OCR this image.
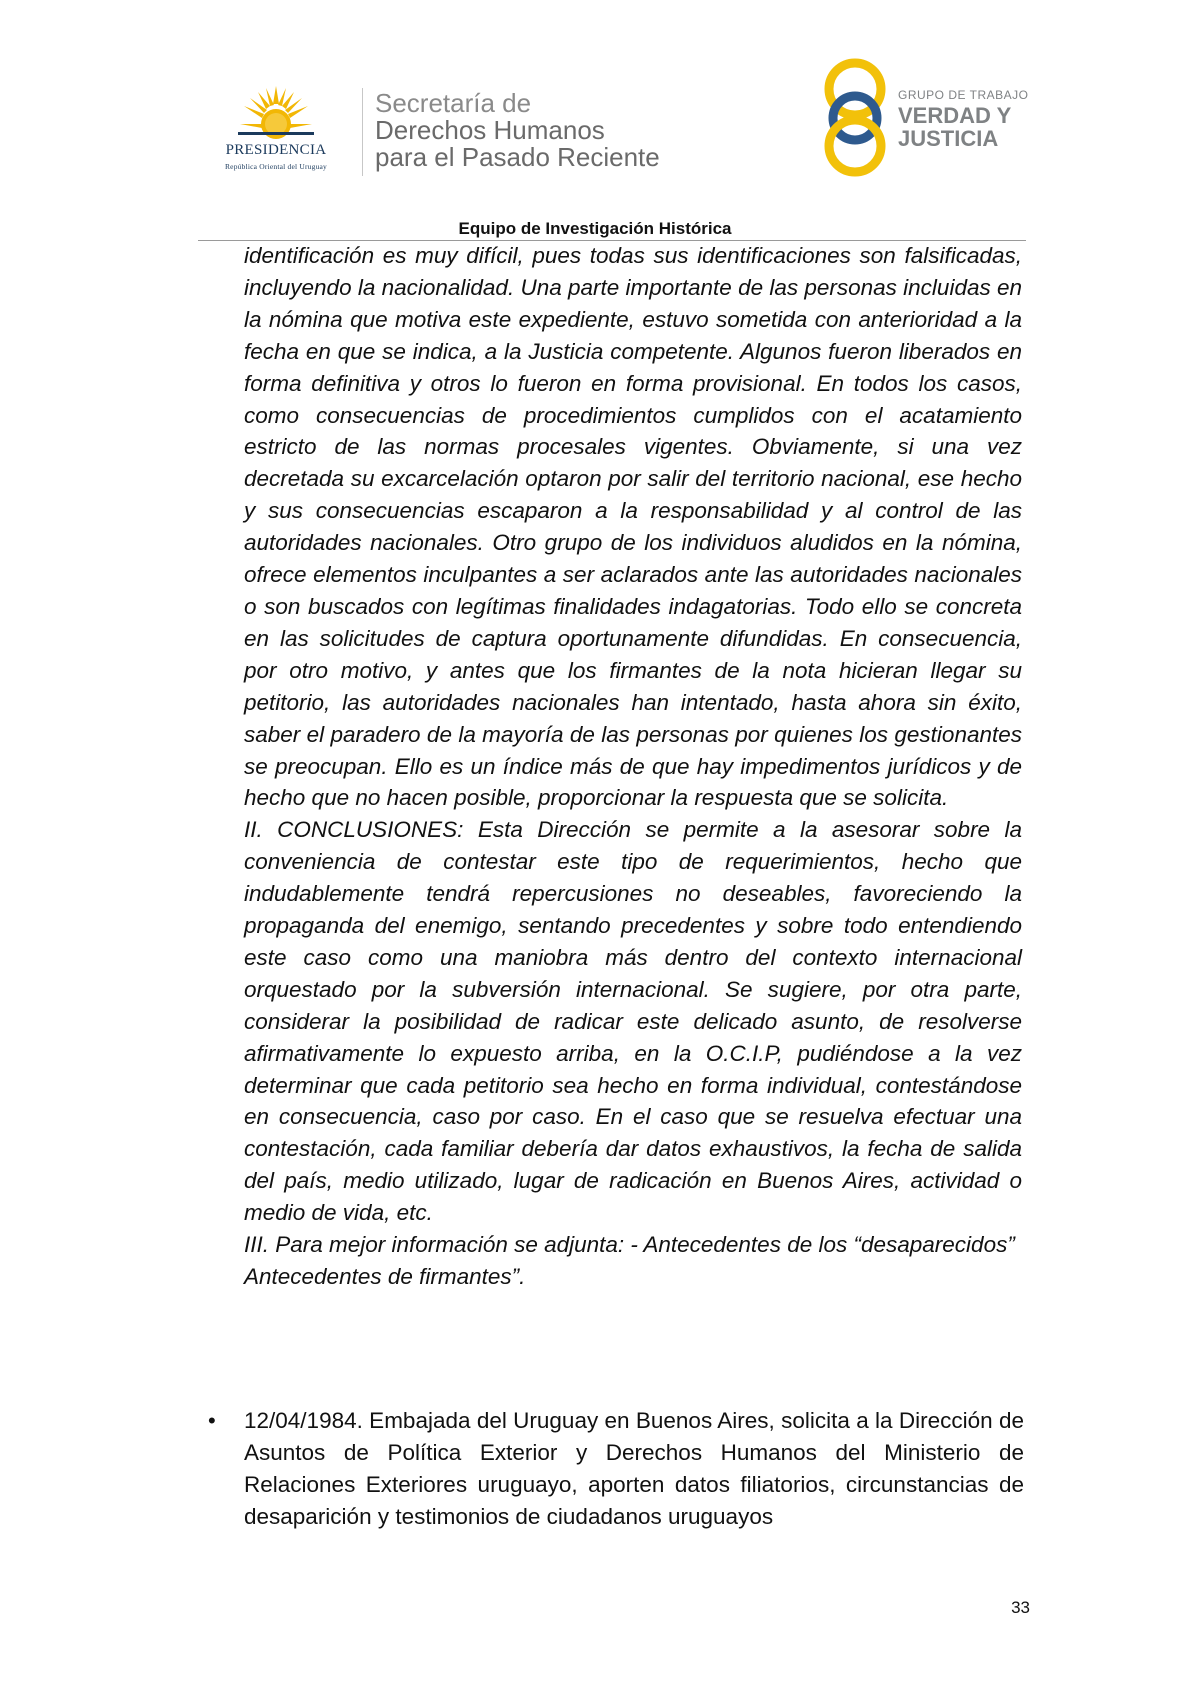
PRESIDENCIA
República Oriental del Uruguay
Secretaría de
Derechos Humanos
para el Pasado Reciente
GRUPO DE TRABAJO
VERDAD Y
JUSTICIA
Equipo de Investigación Histórica

identificación es muy difícil, pues todas sus identificaciones son falsificadas, incluyendo la nacionalidad. Una parte importante de las personas incluidas en la nómina que motiva este expediente, estuvo sometida con anterioridad a la fecha en que se indica, a la Justicia competente. Algunos fueron liberados en forma definitiva y otros lo fueron en forma provisional. En todos los casos, como consecuencias de procedimientos cumplidos con el acatamiento estricto de las normas procesales vigentes. Obviamente, si una vez decretada su excarcelación optaron por salir del territorio nacional, ese hecho y sus consecuencias escaparon a la responsabilidad y al control de las autoridades nacionales. Otro grupo de los individuos aludidos en la nómina, ofrece elementos inculpantes a ser aclarados ante las autoridades nacionales o son buscados con legítimas finalidades indagatorias. Todo ello se concreta en las solicitudes de captura oportunamente difundidas. En consecuencia, por otro motivo, y antes que los firmantes de la nota hicieran llegar su petitorio, las autoridades nacionales han intentado, hasta ahora sin éxito, saber el paradero de la mayoría de las personas por quienes los gestionantes se preocupan. Ello es un índice más de que hay impedimentos jurídicos y de hecho que no hacen posible, proporcionar la respuesta que se solicita.

II. CONCLUSIONES: Esta Dirección se permite a la asesorar sobre la conveniencia de contestar este tipo de requerimientos, hecho que indudablemente tendrá repercusiones no deseables, favoreciendo la propaganda del enemigo, sentando precedentes y sobre todo entendiendo este caso como una maniobra más dentro del contexto internacional orquestado por la subversión internacional. Se sugiere, por otra parte, considerar la posibilidad de radicar este delicado asunto, de resolverse afirmativamente lo expuesto arriba, en la O.C.I.P, pudiéndose a la vez determinar que cada petitorio sea hecho en forma individual, contestándose en consecuencia, caso por caso. En el caso que se resuelva efectuar una contestación, cada familiar debería dar datos exhaustivos, la fecha de salida del país, medio utilizado, lugar de radicación en Buenos Aires, actividad o medio de vida, etc.

III. Para mejor información se adjunta: - Antecedentes de los “desaparecidos”

Antecedentes de firmantes”.

• 12/04/1984. Embajada del Uruguay en Buenos Aires, solicita a la Dirección de Asuntos de Política Exterior y Derechos Humanos del Ministerio de Relaciones Exteriores uruguayo, aporten datos filiatorios, circunstancias de desaparición y testimonios de ciudadanos uruguayos
33
